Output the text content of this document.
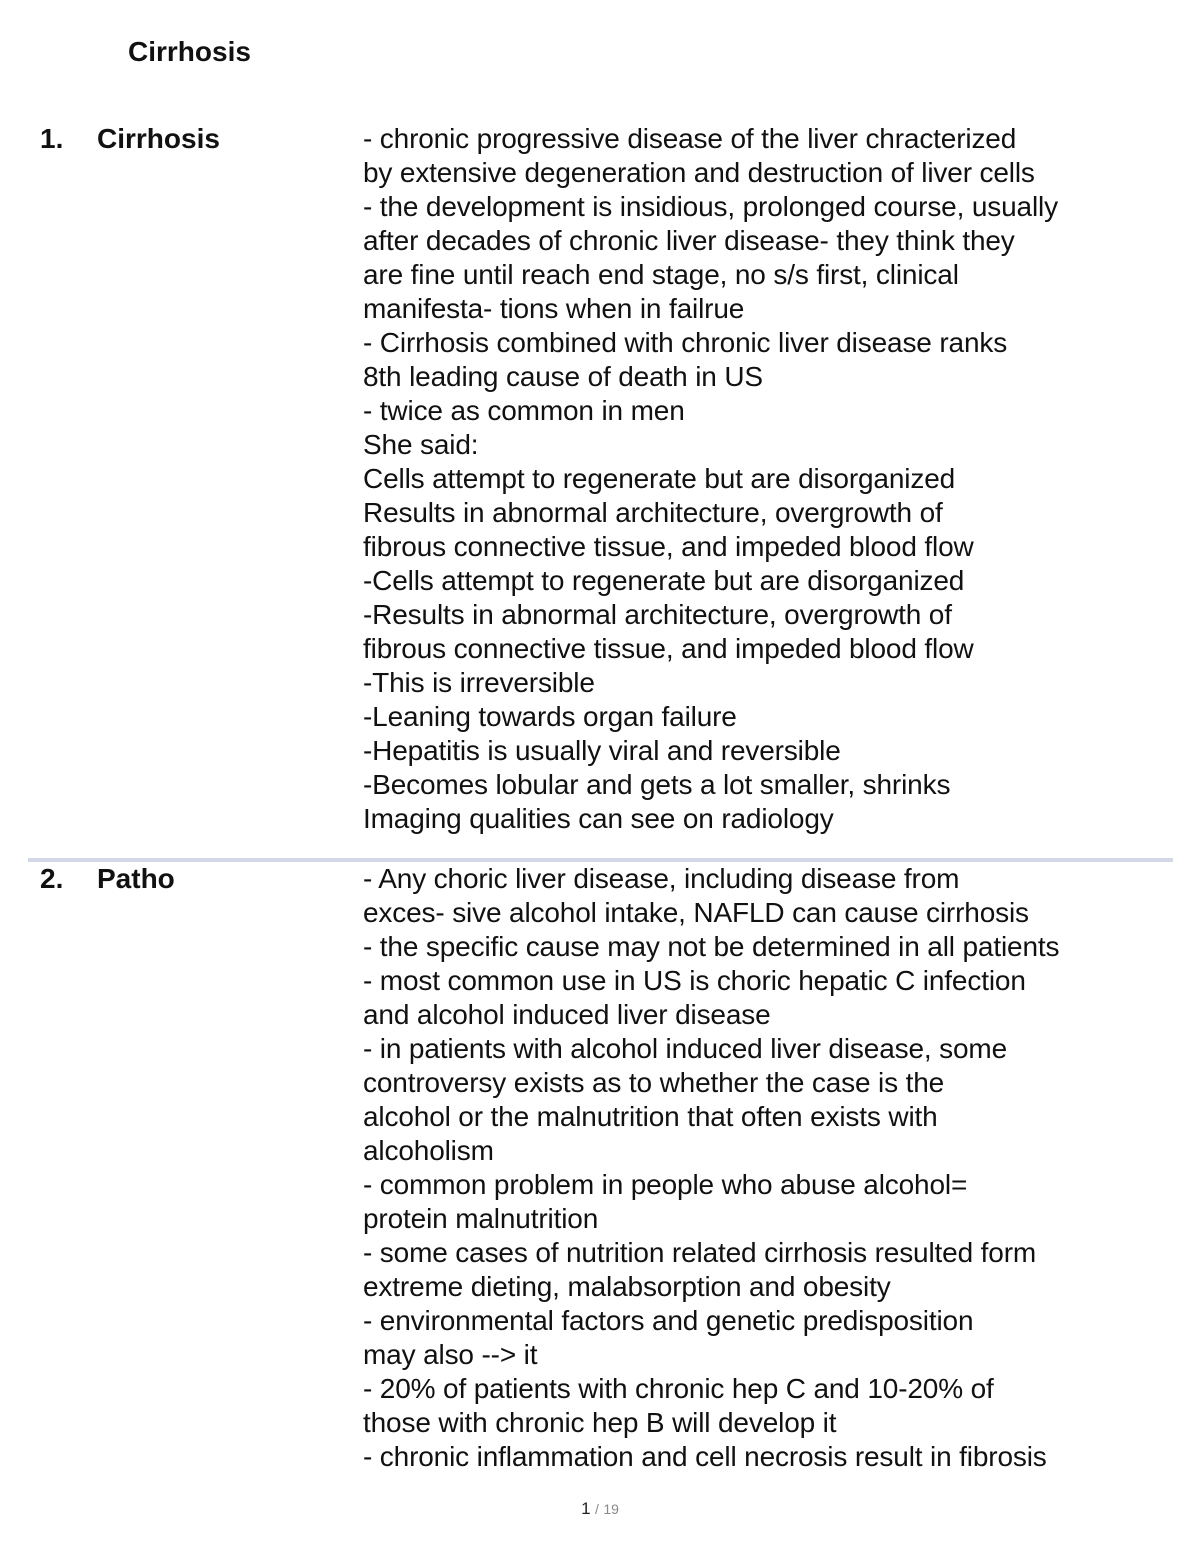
Cirrhosis
1. Cirrhosis	- chronic progressive disease of the liver chracterized
by extensive degeneration and destruction of liver cells
- the development is insidious, prolonged course, usually
after decades of chronic liver disease- they think they
are fine until reach end stage, no s/s first, clinical
manifesta- tions when in failrue
- Cirrhosis combined with chronic liver disease ranks
8th leading cause of death in US
- twice as common in men
She said:
Cells attempt to regenerate but are disorganized
Results in abnormal architecture, overgrowth of
fibrous connective tissue, and impeded blood flow
-Cells attempt to regenerate but are disorganized
-Results in abnormal architecture, overgrowth of
fibrous connective tissue, and impeded blood flow
-This is irreversible
-Leaning towards organ failure
-Hepatitis is usually viral and reversible
-Becomes lobular and gets a lot smaller, shrinks
Imaging qualities can see on radiology
2. Patho	- Any choric liver disease, including disease from
exces- sive alcohol intake, NAFLD can cause cirrhosis
- the specific cause may not be determined in all patients
- most common use in US is choric hepatic C infection
and alcohol induced liver disease
- in patients with alcohol induced liver disease, some
controversy exists as to whether the case is the
alcohol or the malnutrition that often exists with
alcoholism
- common problem in people who abuse alcohol=
protein malnutrition
- some cases of nutrition related cirrhosis resulted form
extreme dieting, malabsorption and obesity
- environmental factors and genetic predisposition
may also --> it
- 20% of patients with chronic hep C and 10-20% of
those with chronic hep B will develop it
- chronic inflammation and cell necrosis result in fibrosis
1 / 19
